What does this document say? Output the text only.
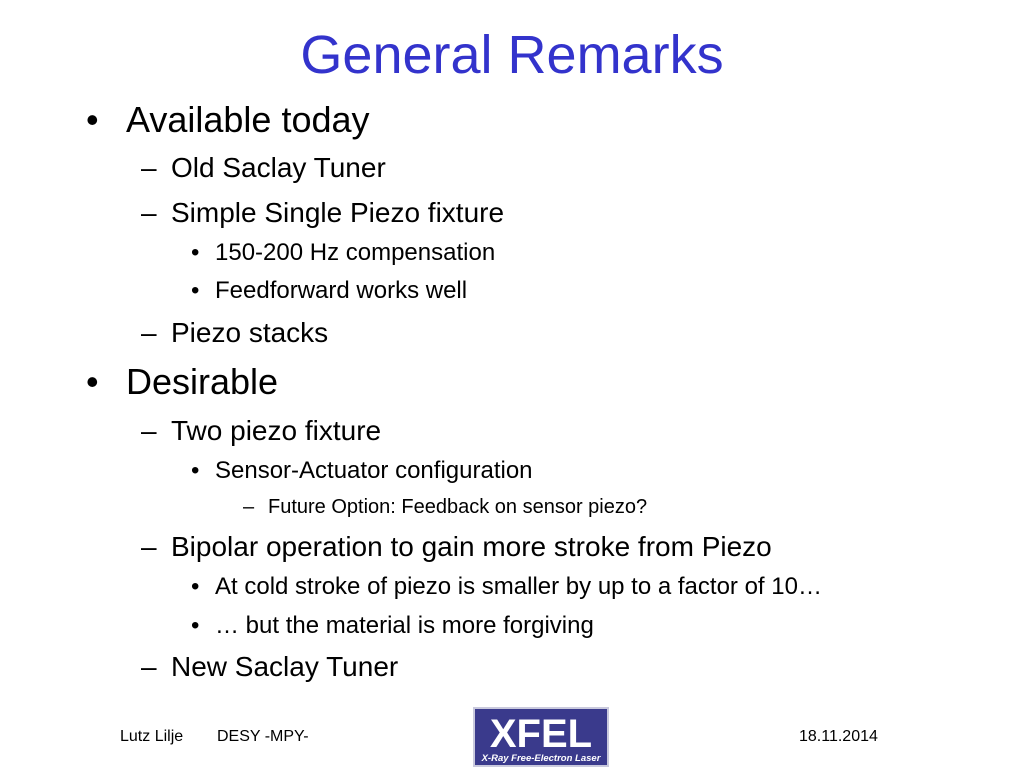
General Remarks
• Available today
– Old Saclay Tuner
– Simple Single Piezo fixture
• 150-200 Hz compensation
• Feedforward works well
– Piezo stacks
• Desirable
– Two piezo fixture
• Sensor-Actuator configuration
– Future Option: Feedback on sensor piezo?
– Bipolar operation to gain more stroke from Piezo
• At cold stroke of piezo is smaller by up to a factor of 10…
• … but the material is more forgiving
– New Saclay Tuner
Lutz Lilje DESY -MPY-	18.11.2014
XFEL
X-Ray Free-Electron Laser
